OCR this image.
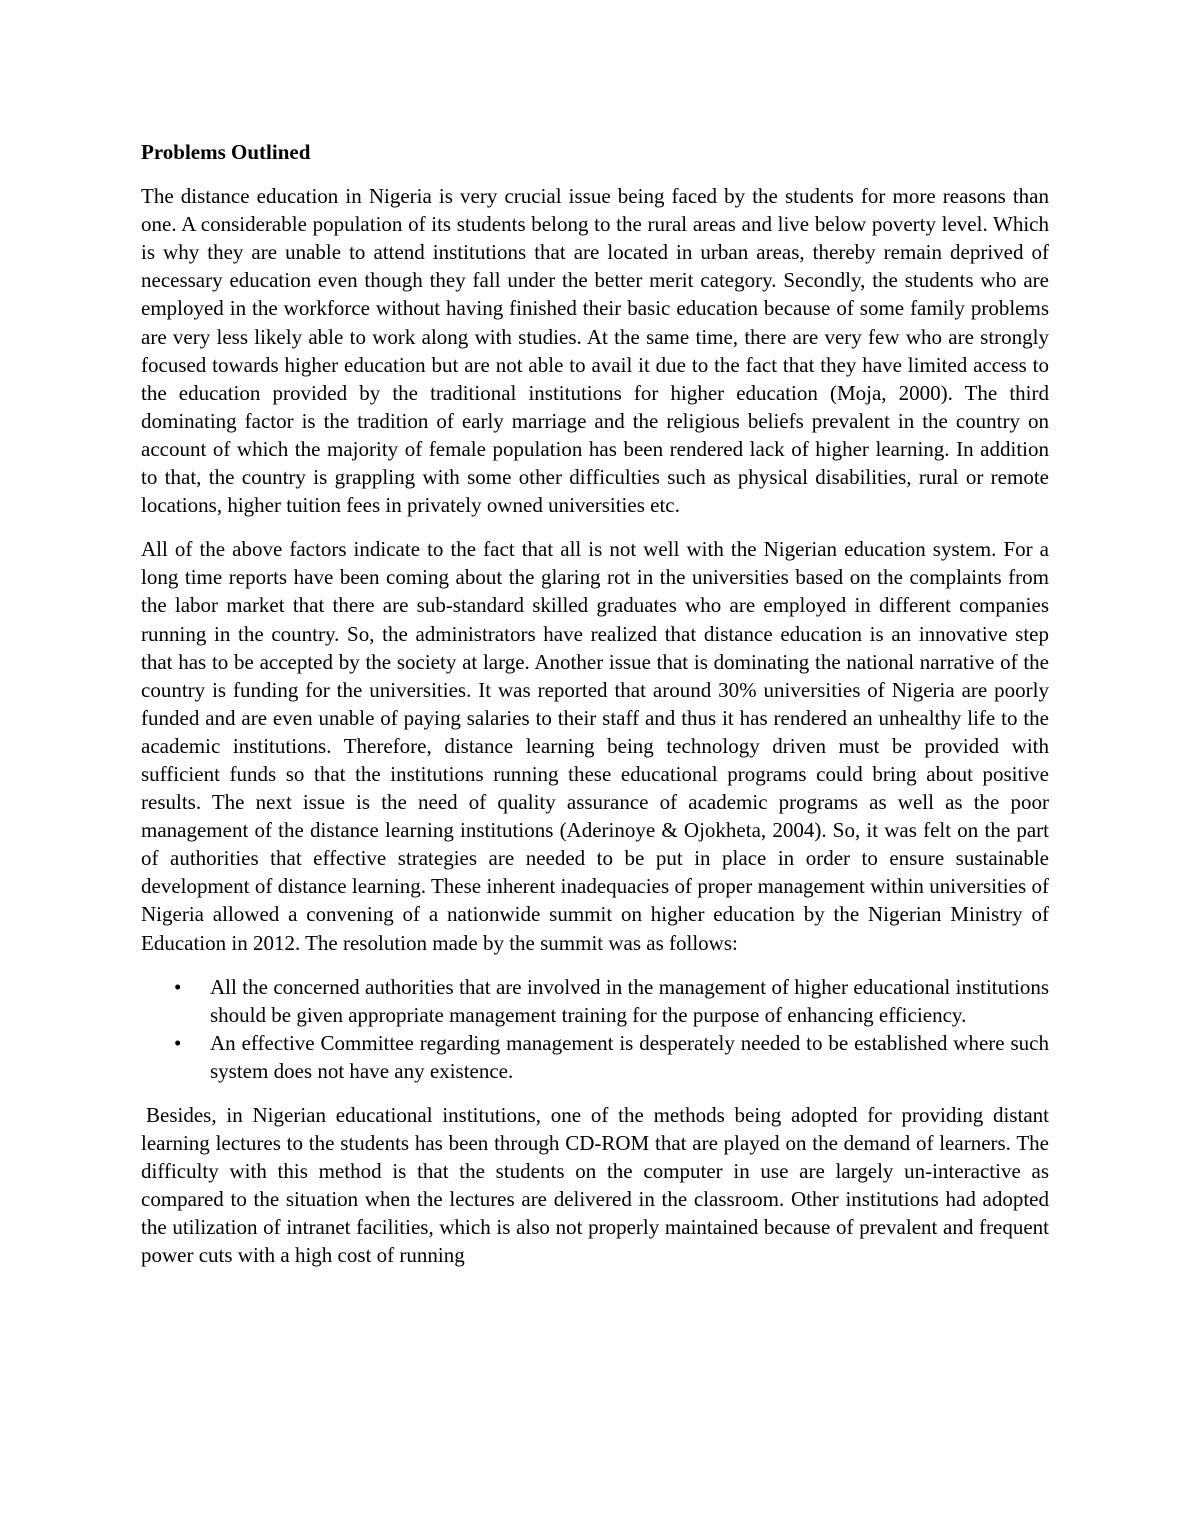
Problems Outlined

The distance education in Nigeria is very crucial issue being faced by the students for more reasons than one. A considerable population of its students belong to the rural areas and live below poverty level. Which is why they are unable to attend institutions that are located in urban areas, thereby remain deprived of necessary education even though they fall under the better merit category. Secondly, the students who are employed in the workforce without having finished their basic education because of some family problems are very less likely able to work along with studies. At the same time, there are very few who are strongly focused towards higher education but are not able to avail it due to the fact that they have limited access to the education provided by the traditional institutions for higher education (Moja, 2000). The third dominating factor is the tradition of early marriage and the religious beliefs prevalent in the country on account of which the majority of female population has been rendered lack of higher learning. In addition to that, the country is grappling with some other difficulties such as physical disabilities, rural or remote locations, higher tuition fees in privately owned universities etc.

All of the above factors indicate to the fact that all is not well with the Nigerian education system. For a long time reports have been coming about the glaring rot in the universities based on the complaints from the labor market that there are sub-standard skilled graduates who are employed in different companies running in the country. So, the administrators have realized that distance education is an innovative step that has to be accepted by the society at large. Another issue that is dominating the national narrative of the country is funding for the universities. It was reported that around 30% universities of Nigeria are poorly funded and are even unable of paying salaries to their staff and thus it has rendered an unhealthy life to the academic institutions. Therefore, distance learning being technology driven must be provided with sufficient funds so that the institutions running these educational programs could bring about positive results. The next issue is the need of quality assurance of academic programs as well as the poor management of the distance learning institutions (Aderinoye & Ojokheta, 2004). So, it was felt on the part of authorities that effective strategies are needed to be put in place in order to ensure sustainable development of distance learning. These inherent inadequacies of proper management within universities of Nigeria allowed a convening of a nationwide summit on higher education by the Nigerian Ministry of Education in 2012. The resolution made by the summit was as follows:

• All the concerned authorities that are involved in the management of higher educational institutions should be given appropriate management training for the purpose of enhancing efficiency.
• An effective Committee regarding management is desperately needed to be established where such system does not have any existence.

Besides, in Nigerian educational institutions, one of the methods being adopted for providing distant learning lectures to the students has been through CD-ROM that are played on the demand of learners. The difficulty with this method is that the students on the computer in use are largely un-interactive as compared to the situation when the lectures are delivered in the classroom. Other institutions had adopted the utilization of intranet facilities, which is also not properly maintained because of prevalent and frequent power cuts with a high cost of running
